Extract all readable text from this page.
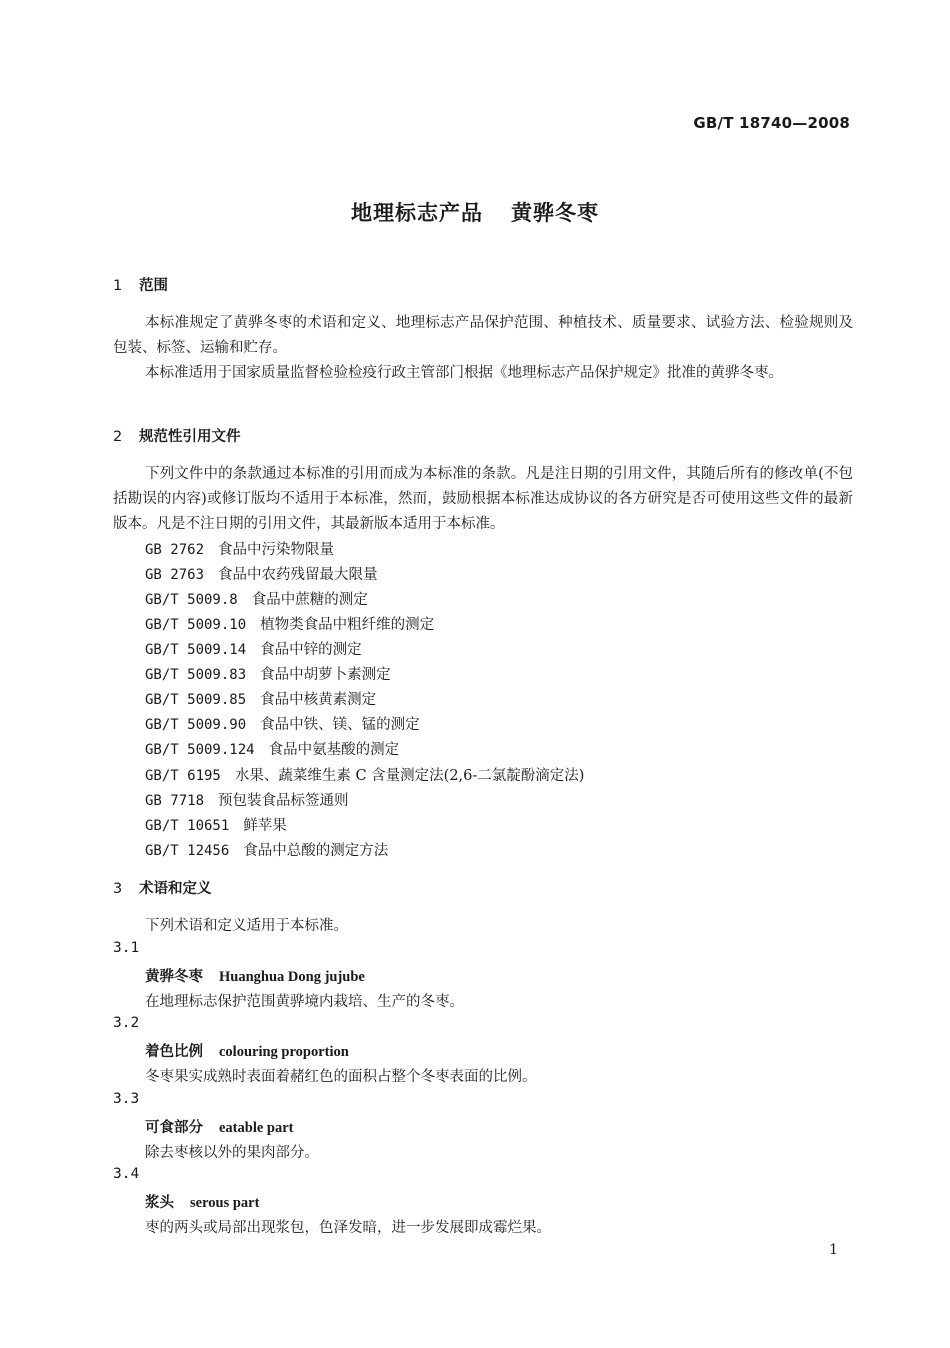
GB/T 18740—2008
地理标志产品 黄骅冬枣
1 范围
本标准规定了黄骅冬枣的术语和定义、地理标志产品保护范围、种植技术、质量要求、试验方法、检验规则及包装、标签、运输和贮存。
本标准适用于国家质量监督检验检疫行政主管部门根据《地理标志产品保护规定》批准的黄骅冬枣。
2 规范性引用文件
下列文件中的条款通过本标准的引用而成为本标准的条款。凡是注日期的引用文件，其随后所有的修改单(不包括勘误的内容)或修订版均不适用于本标准，然而，鼓励根据本标准达成协议的各方研究是否可使用这些文件的最新版本。凡是不注日期的引用文件，其最新版本适用于本标准。
GB 2762 食品中污染物限量
GB 2763 食品中农药残留最大限量
GB/T 5009.8 食品中蔗糖的测定
GB/T 5009.10 植物类食品中粗纤维的测定
GB/T 5009.14 食品中锌的测定
GB/T 5009.83 食品中胡萝卜素测定
GB/T 5009.85 食品中核黄素测定
GB/T 5009.90 食品中铁、镁、锰的测定
GB/T 5009.124 食品中氨基酸的测定
GB/T 6195 水果、蔬菜维生素 C 含量测定法(2,6-二氯靛酚滴定法)
GB 7718 预包装食品标签通则
GB/T 10651 鲜苹果
GB/T 12456 食品中总酸的测定方法
3 术语和定义
下列术语和定义适用于本标准。
3.1
黄骅冬枣 Huanghua Dong jujube
在地理标志保护范围黄骅境内栽培、生产的冬枣。
3.2
着色比例 colouring proportion
冬枣果实成熟时表面着赭红色的面积占整个冬枣表面的比例。
3.3
可食部分 eatable part
除去枣核以外的果肉部分。
3.4
浆头 serous part
枣的两头或局部出现浆包，色泽发暗，进一步发展即成霉烂果。
1
